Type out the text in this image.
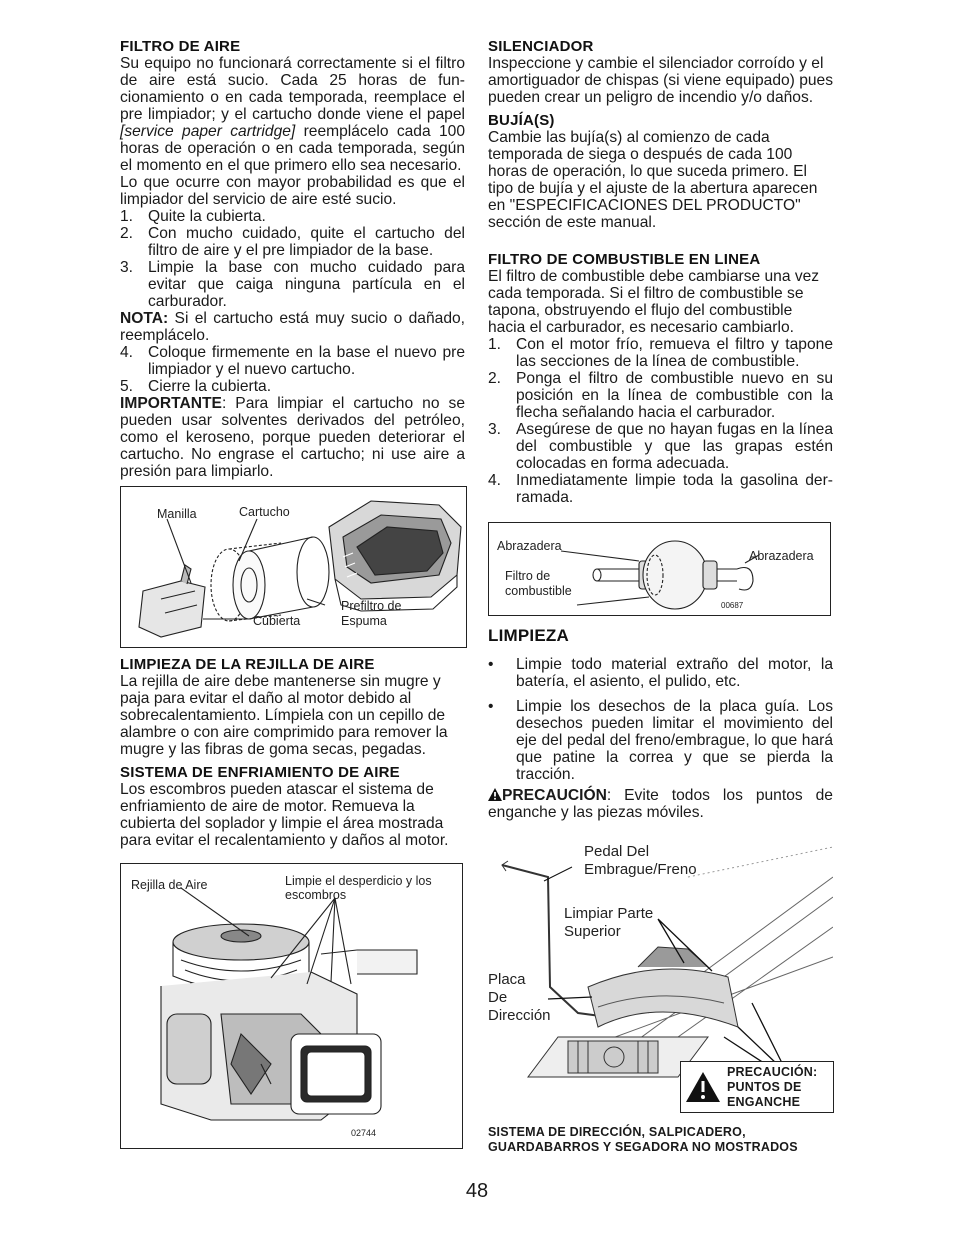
FILTRO DE AIRE

Su equipo no funcionará correctamente si el filtro de aire está sucio. Cada 25 horas de fun-cionamiento o en cada temporada, reemplace el pre limpiador; y el cartucho donde viene el papel [service paper cartridge] reemplácelo cada 100 horas de operación o en cada temporada, según el momento en el que primero ello sea necesario.

Lo que ocurre con mayor probabilidad es que el limpiador del servicio de aire esté sucio.

1. Quite la cubierta.
2. Con mucho cuidado, quite el cartucho del filtro de aire y el pre limpiador de la base.
3. Limpie la base con mucho cuidado para evitar que caiga ninguna partícula en el carburador.

NOTA: Si el cartucho está muy sucio o dañado, reemplácelo.

4. Coloque firmemente en la base el nuevo pre limpiador y el nuevo cartucho.
5. Cierre la cubierta.

IMPORTANTE: Para limpiar el cartucho no se pueden usar solventes derivados del petróleo, como el keroseno, porque pueden deteriorar el cartucho. No engrase el cartucho; ni use aire a presión para limpiarlo.

Manilla	Cartucho
Prefiltro de
Espuma
Cubierta

LIMPIEZA DE LA REJILLA DE AIRE

La rejilla de aire debe mantenerse sin mugre y paja para evitar el daño al motor debido al sobrecalentamiento. Límpiela con un cepillo de alambre o con aire comprimido para remover la mugre y las fibras de goma secas, pegadas.

SISTEMA DE ENFRIAMIENTO DE AIRE

Los escombros pueden atascar el sistema de enfriamiento de aire de motor. Remueva la cubierta del soplador y limpie el área mostrada para evitar el recalentamiento y daños al motor.

Rejilla de Aire	Limpie el desperdicio y los escombros
02744

SILENCIADOR

Inspeccione y cambie el silenciador corroído y el amortiguador de chispas (si viene equipado) pues pueden crear un peligro de incendio y/o daños.

BUJÍA(S)

Cambie las bujía(s) al comienzo de cada temporada de siega o después de cada 100 horas de operación, lo que suceda primero. El tipo de bujía y el ajuste de la abertura aparecen en "ESPECIFICACIONES DEL PRODUCTO" sección de este manual.

FILTRO DE COMBUSTIBLE EN LINEA

El filtro de combustible debe cambiarse una vez cada temporada. Si el filtro de combustible se tapona, obstruyendo el flujo del combustible hacia el carburador, es necesario cambiarlo.

1. Con el motor frío, remueva el filtro y tapone las secciones de la línea de combustible.
2. Ponga el filtro de combustible nuevo en su posición en la línea de combustible con la flecha señalando hacia el carburador.
3. Asegúrese de que no hayan fugas en la línea del combustible y que las grapas estén colocadas en forma adecuada.
4. Inmediatamente limpie toda la gasolina der-ramada.
Abrazadera
Abrazadera
Filtro de
combustible
00687

LIMPIEZA

• Limpie todo material extraño del motor, la batería, el asiento, el pulido, etc.
• Limpie los desechos de la placa guía. Los desechos pueden limitar el movimiento del eje del pedal del freno/embrague, lo que hará que patine la correa y que se pierda la tracción.

PRECAUCIÓN: Evite todos los puntos de enganche y las piezas móviles.

Pedal Del
Embrague/Freno
Limpiar Parte
Superior
Placa
De
Dirección
PRECAUCIÓN:
PUNTOS DE
ENGANCHE
SISTEMA DE DIRECCIÓN, SALPICADERO,
GUARDABARROS Y SEGADORA NO MOSTRADOS
48
